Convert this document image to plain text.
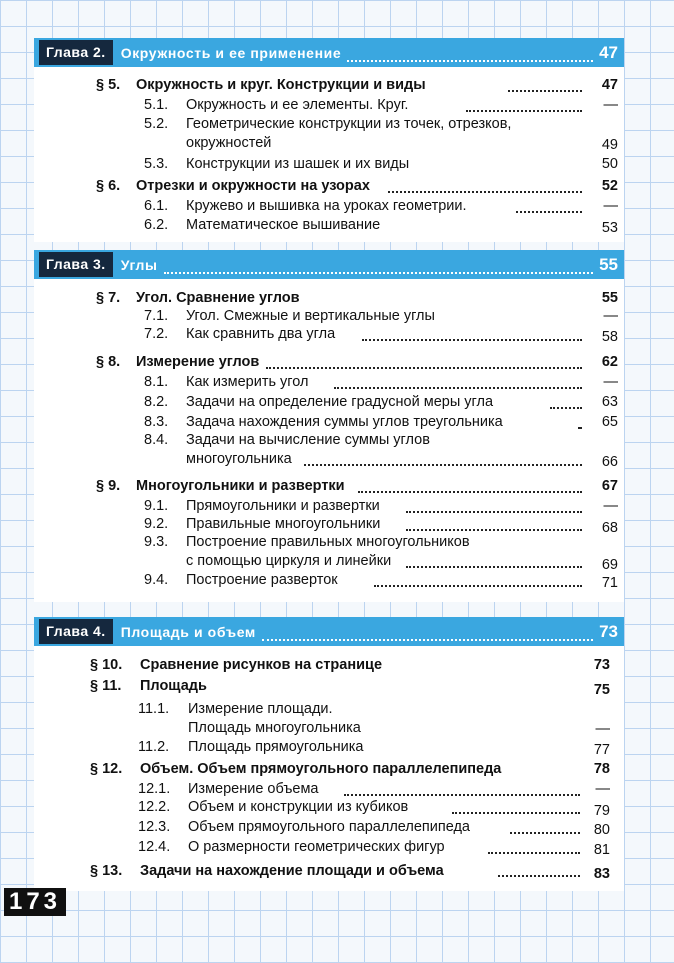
Глава 2.	Окружность и ее применение	47
§ 5. Окружность и круг. Конструкции и виды	47
5.1. Окружность и ее элементы. Круг.	—
5.2. Геометрические конструкции из точек, отрезков,
окружностей	49
5.3. Конструкции из шашек и их виды	50
§ 6. Отрезки и окружности на узорах	52
6.1. Кружево и вышивка на уроках геометрии.	—
6.2. Математическое вышивание	53
Глава 3.	Углы	55
§ 7. Угол. Сравнение углов	55
7.1. Угол. Смежные и вертикальные углы	—
7.2. Как сравнить два угла	58
§ 8. Измерение углов	62
8.1. Как измерить угол	—
8.2. Задачи на определение градусной меры угла	63
8.3. Задача нахождения суммы углов треугольника	65
8.4. Задачи на вычисление суммы углов
многоугольника	66
§ 9. Многоугольники и развертки	67
9.1. Прямоугольники и развертки	—
9.2. Правильные многоугольники	68
9.3. Построение правильных многоугольников
с помощью циркуля и линейки	69
9.4. Построение разверток	71
Глава 4.	Площадь и объем	73
§ 10. Сравнение рисунков на странице	73
§ 11. Площадь	75
11.1. Измерение площади.
Площадь многоугольника	—
11.2. Площадь прямоугольника	77
§ 12. Объем. Объем прямоугольного параллелепипеда	78
12.1. Измерение объема	—
12.2. Объем и конструкции из кубиков	79
12.3. Объем прямоугольного параллелепипеда	80
12.4. О размерности геометрических фигур	81
§ 13. Задачи на нахождение площади и объема	83
173
